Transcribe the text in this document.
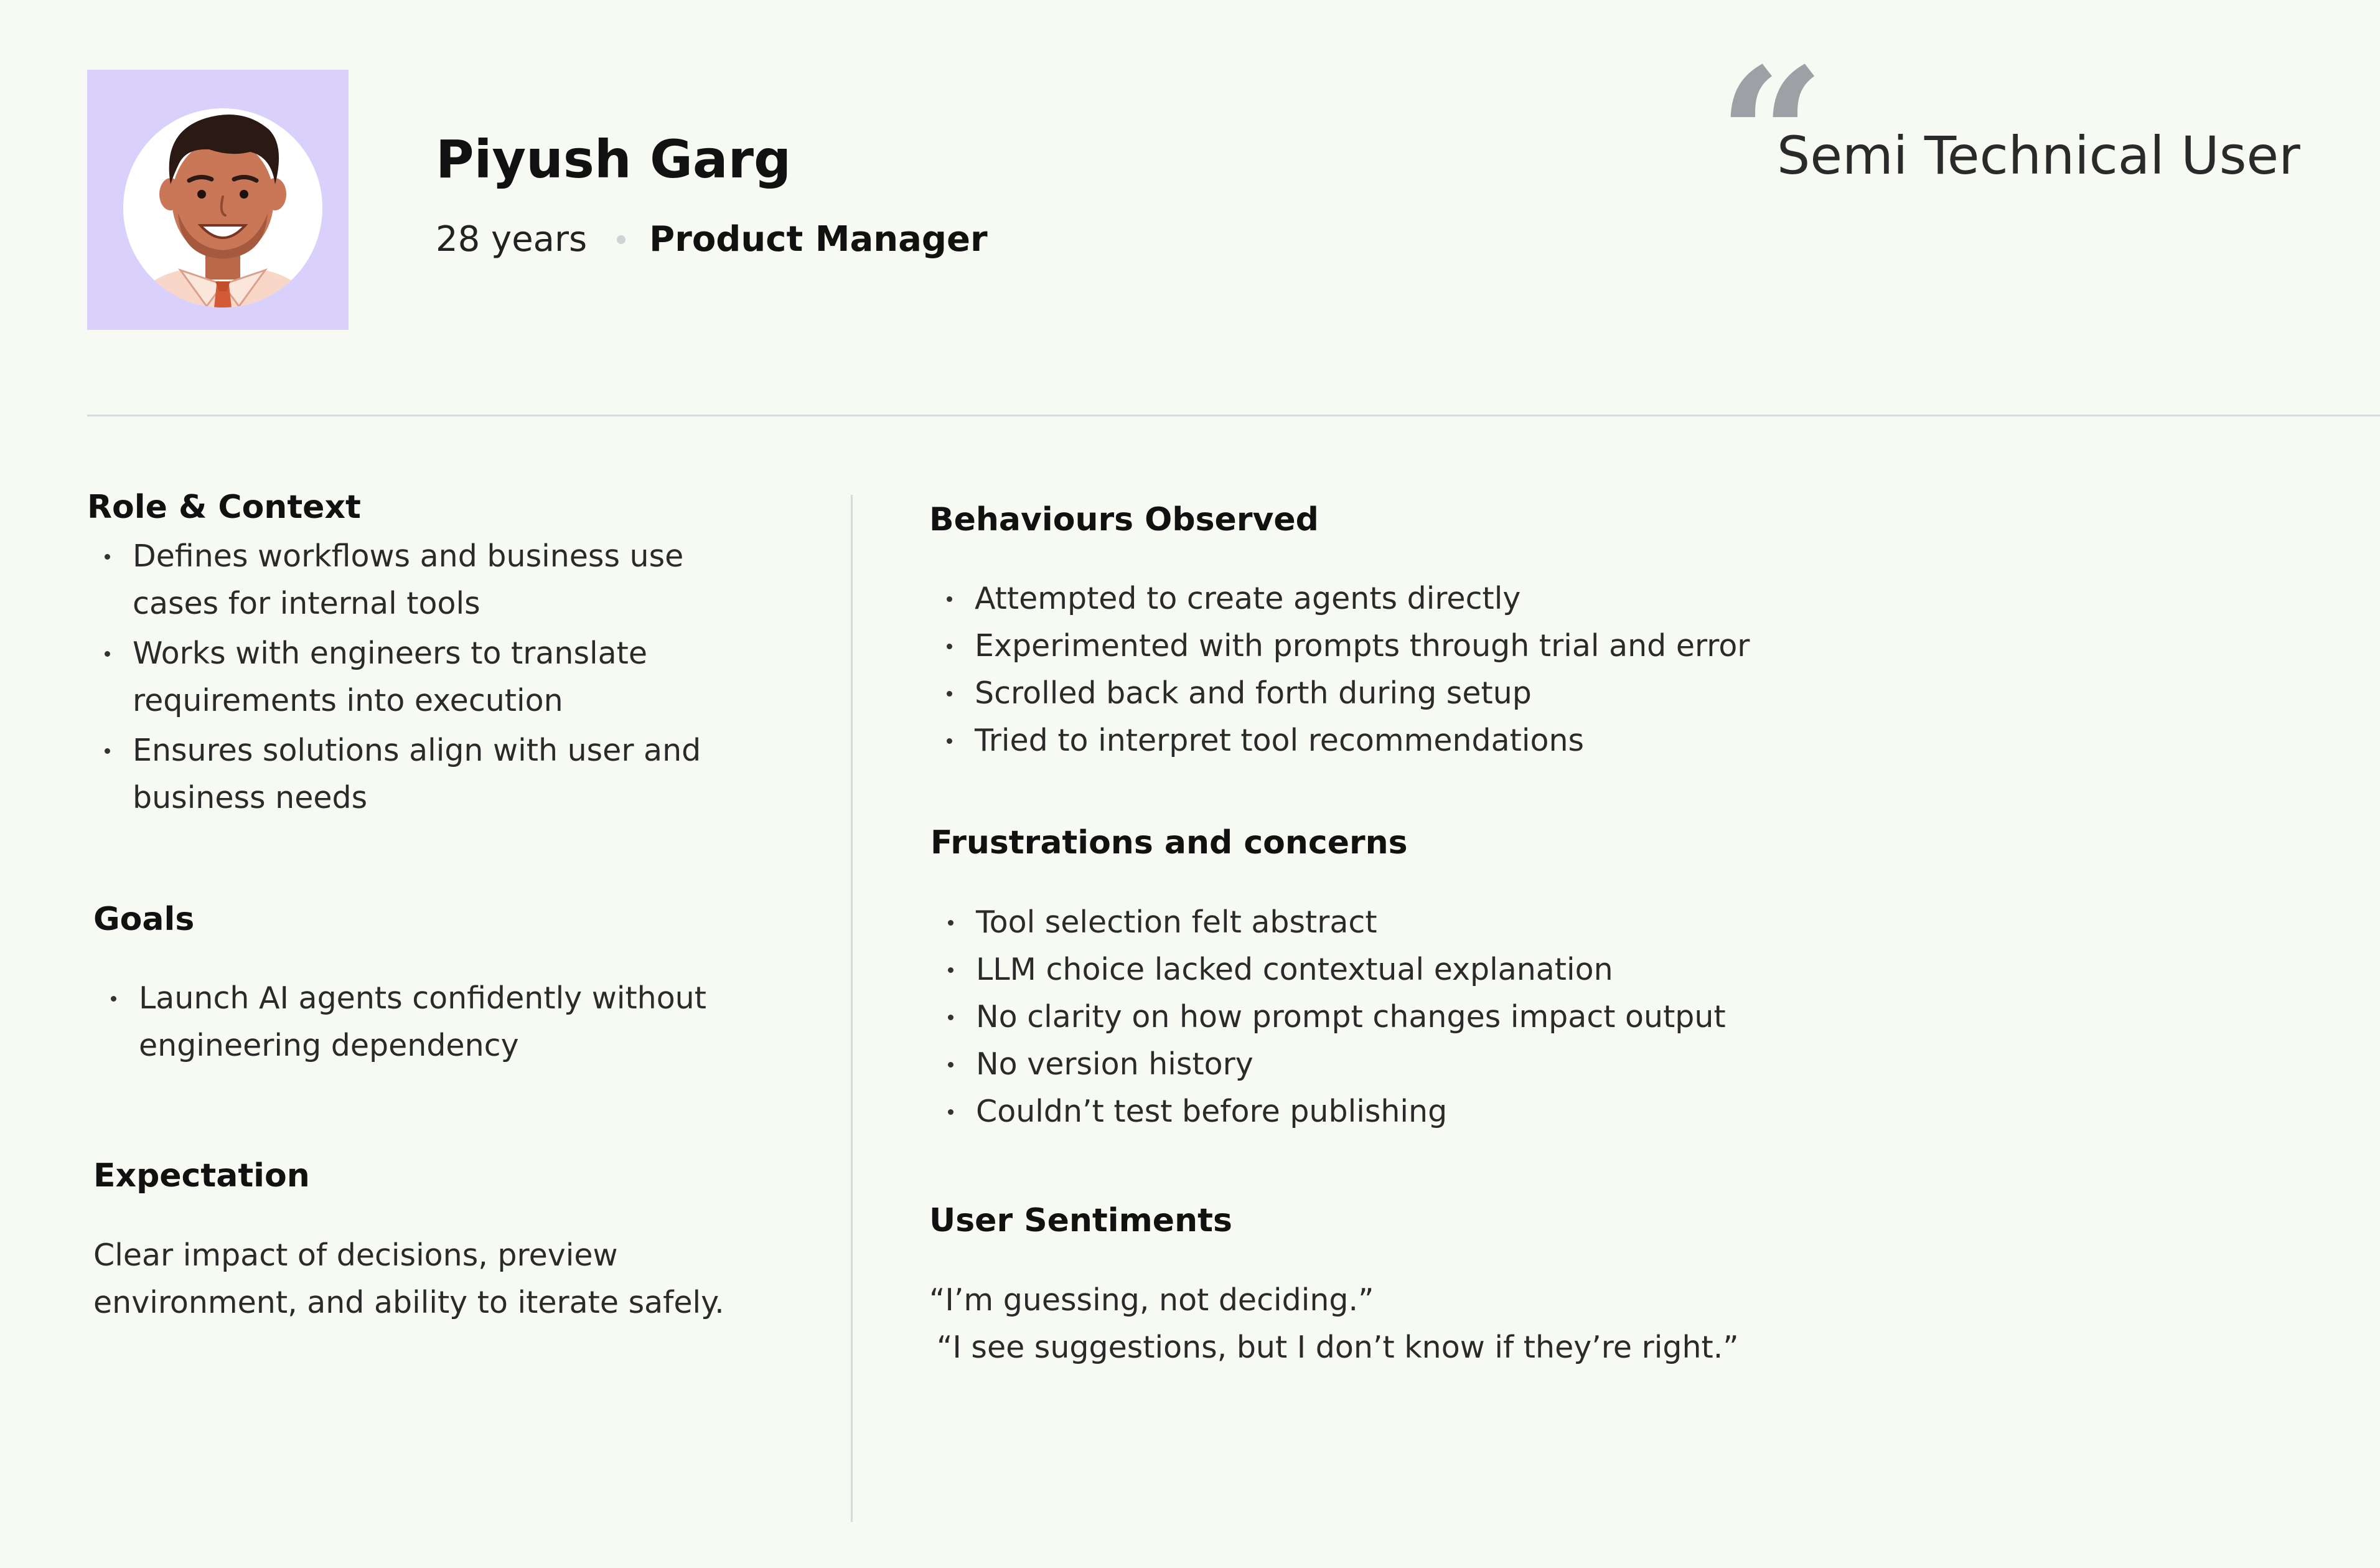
Piyush Garg
28 years Product Manager	“
Semi Technical User
Role & Context
Defines workflows and business use cases for internal tools
Works with engineers to translate requirements into execution
Ensures solutions align with user and business needs
Goals
Launch AI agents confidently without engineering dependency
Expectation

Clear impact of decisions, preview environment, and ability to iterate safely.

Behaviours Observed
Attempted to create agents directly
Experimented with prompts through trial and error
Scrolled back and forth during setup
Tried to interpret tool recommendations
Frustrations and concerns
Tool selection felt abstract
LLM choice lacked contextual explanation
No clarity on how prompt changes impact output
No version history
Couldn’t test before publishing
User Sentiments

“I’m guessing, not deciding.”

“I see suggestions, but I don’t know if they’re right.”
